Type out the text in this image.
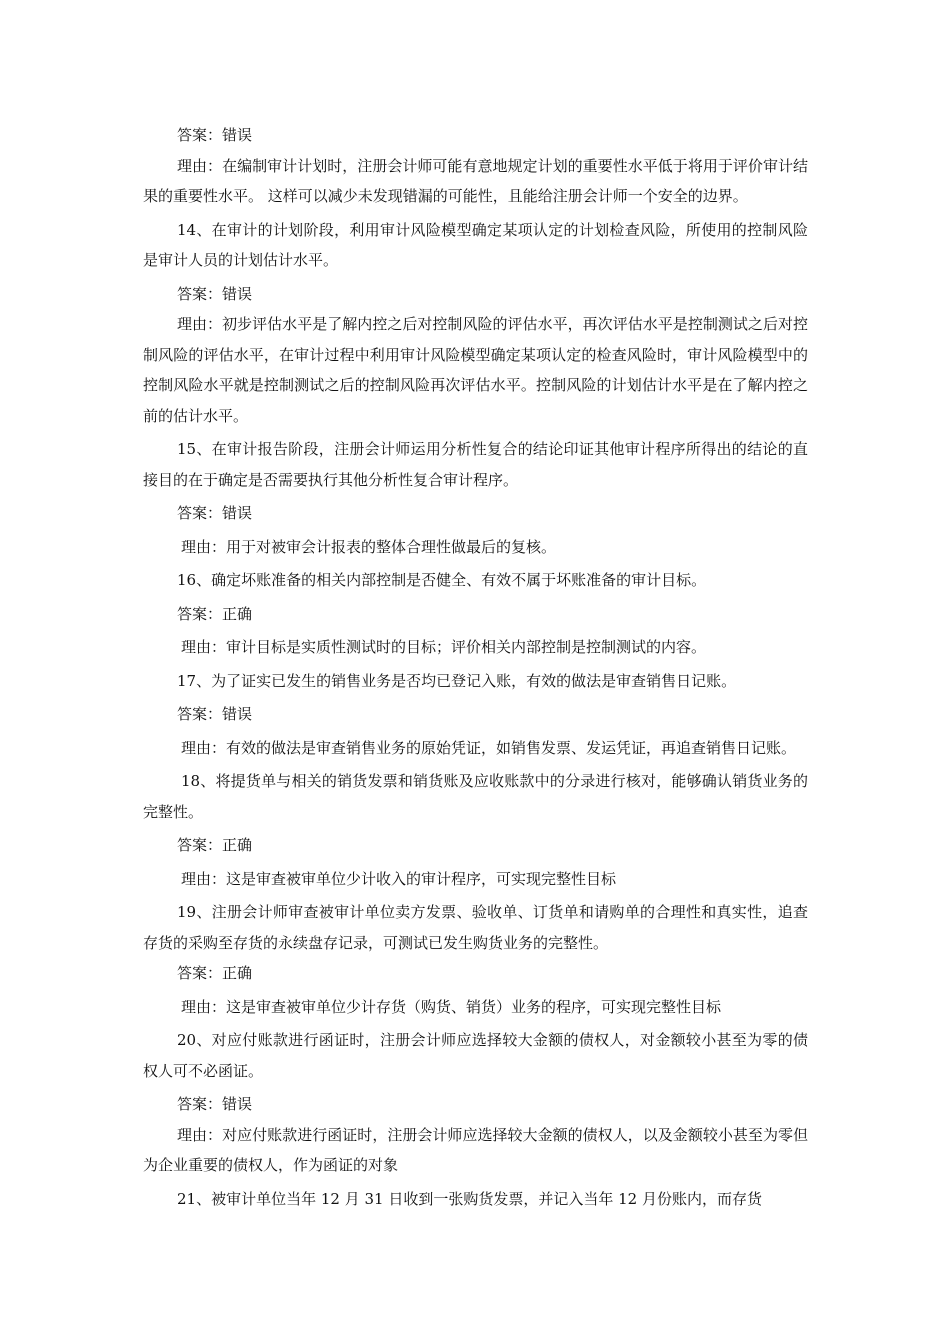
答案：错误

理由：在编制审计计划时，注册会计师可能有意地规定计划的重要性水平低于将用于评价审计结果的重要性水平。 这样可以减少未发现错漏的可能性，且能给注册会计师一个安全的边界。

14、在审计的计划阶段，利用审计风险模型确定某项认定的计划检查风险，所使用的控制风险是审计人员的计划估计水平。

答案：错误

理由：初步评估水平是了解内控之后对控制风险的评估水平，再次评估水平是控制测试之后对控制风险的评估水平，在审计过程中利用审计风险模型确定某项认定的检查风险时，审计风险模型中的控制风险水平就是控制测试之后的控制风险再次评估水平。控制风险的计划估计水平是在了解内控之前的估计水平。

15、在审计报告阶段，注册会计师运用分析性复合的结论印证其他审计程序所得出的结论的直接目的在于确定是否需要执行其他分析性复合审计程序。

答案：错误

理由：用于对被审会计报表的整体合理性做最后的复核。

16、确定坏账准备的相关内部控制是否健全、有效不属于坏账准备的审计目标。

答案：正确

理由：审计目标是实质性测试时的目标；评价相关内部控制是控制测试的内容。

17、为了证实已发生的销售业务是否均已登记入账，有效的做法是审查销售日记账。

答案：错误

理由：有效的做法是审查销售业务的原始凭证，如销售发票、发运凭证，再追查销售日记账。

18、将提货单与相关的销货发票和销货账及应收账款中的分录进行核对，能够确认销货业务的完整性。

答案：正确

理由：这是审查被审单位少计收入的审计程序，可实现完整性目标

19、注册会计师审查被审计单位卖方发票、验收单、订货单和请购单的合理性和真实性，追查存货的采购至存货的永续盘存记录，可测试已发生购货业务的完整性。

答案：正确

理由：这是审查被审单位少计存货（购货、销货）业务的程序，可实现完整性目标

20、对应付账款进行函证时，注册会计师应选择较大金额的债权人，对金额较小甚至为零的债权人可不必函证。

答案：错误

理由：对应付账款进行函证时，注册会计师应选择较大金额的债权人，以及金额较小甚至为零但为企业重要的债权人，作为函证的对象

21、被审计单位当年 12 月 31 日收到一张购货发票，并记入当年 12 月份账内，而存货
